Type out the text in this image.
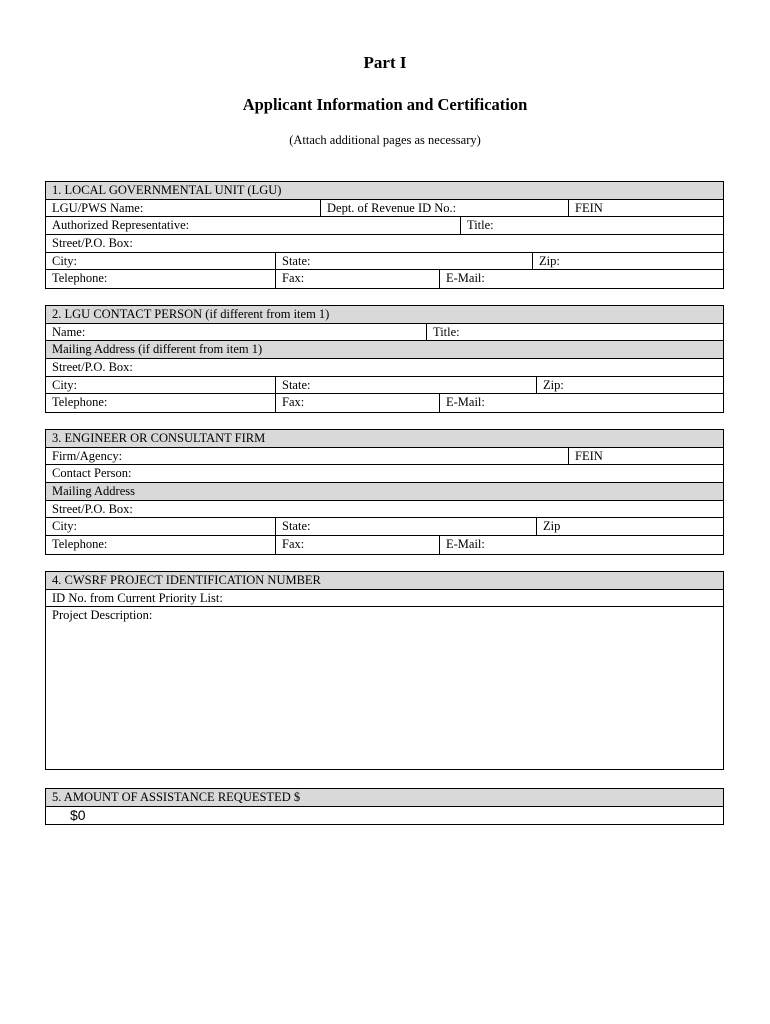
Part I
Applicant Information and Certification
(Attach additional pages as necessary)
1. LOCAL GOVERNMENTAL UNIT (LGU)
LGU/PWS Name:	Dept. of Revenue ID No.:	FEIN
Authorized Representative:	Title:
Street/P.O. Box:
City:	State:	Zip:
Telephone:	Fax:	E-Mail:
2. LGU CONTACT PERSON (if different from item 1)
Name:	Title:
Mailing Address (if different from item 1)
Street/P.O. Box:
City:	State:	Zip:
Telephone:	Fax:	E-Mail:
3. ENGINEER OR CONSULTANT FIRM
Firm/Agency:	FEIN
Contact Person:
Mailing Address
Street/P.O. Box:
City:	State:	Zip
Telephone:	Fax:	E-Mail:
4. CWSRF PROJECT IDENTIFICATION NUMBER
ID No. from Current Priority List:
Project Description:
5. AMOUNT OF ASSISTANCE REQUESTED $
$0
